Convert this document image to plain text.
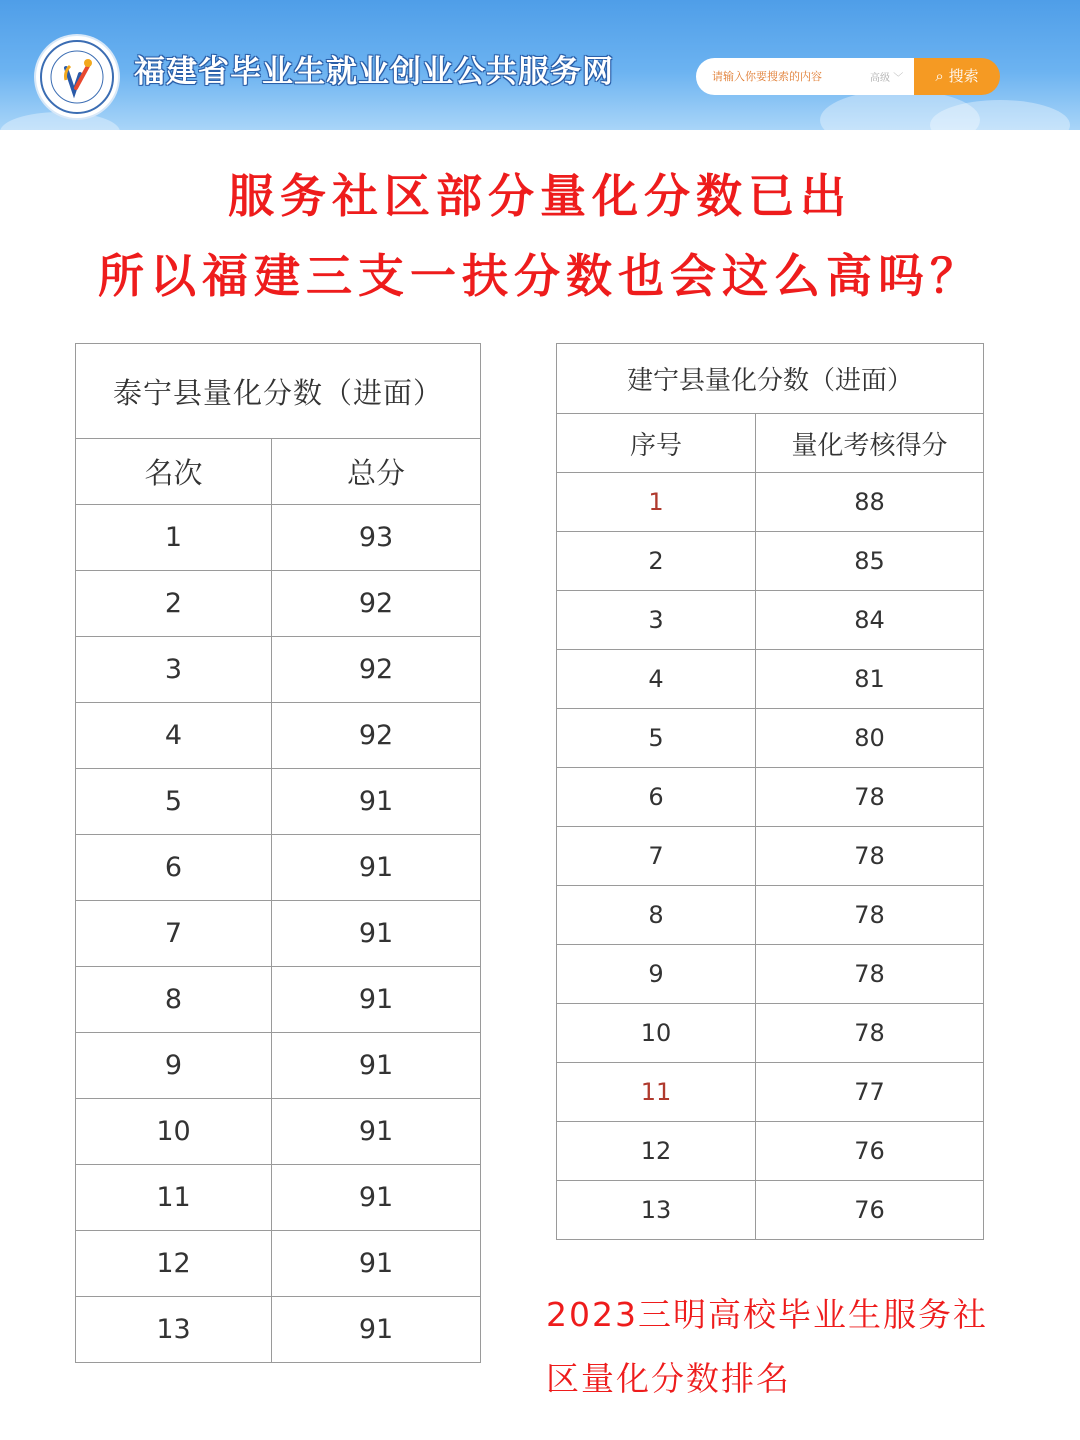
福建省毕业生就业创业公共服务网
请输入你要搜索的内容	高级 ﹀	⌕ 搜索
服务社区部分量化分数已出
所以福建三支一扶分数也会这么高吗？
泰宁县量化分数（进面）	
名次	总分
1	93
2	92
3	92
4	92
5	91
6	91
7	91
8	91
9	91
10	91
11	91
12	91
13	91
建宁县量化分数（进面）	
序号	量化考核得分
1	88
2	85
3	84
4	81
5	80
6	78
7	78
8	78
9	78
10	78
11	77
12	76
13	76
2023三明高校毕业生服务社
区量化分数排名
